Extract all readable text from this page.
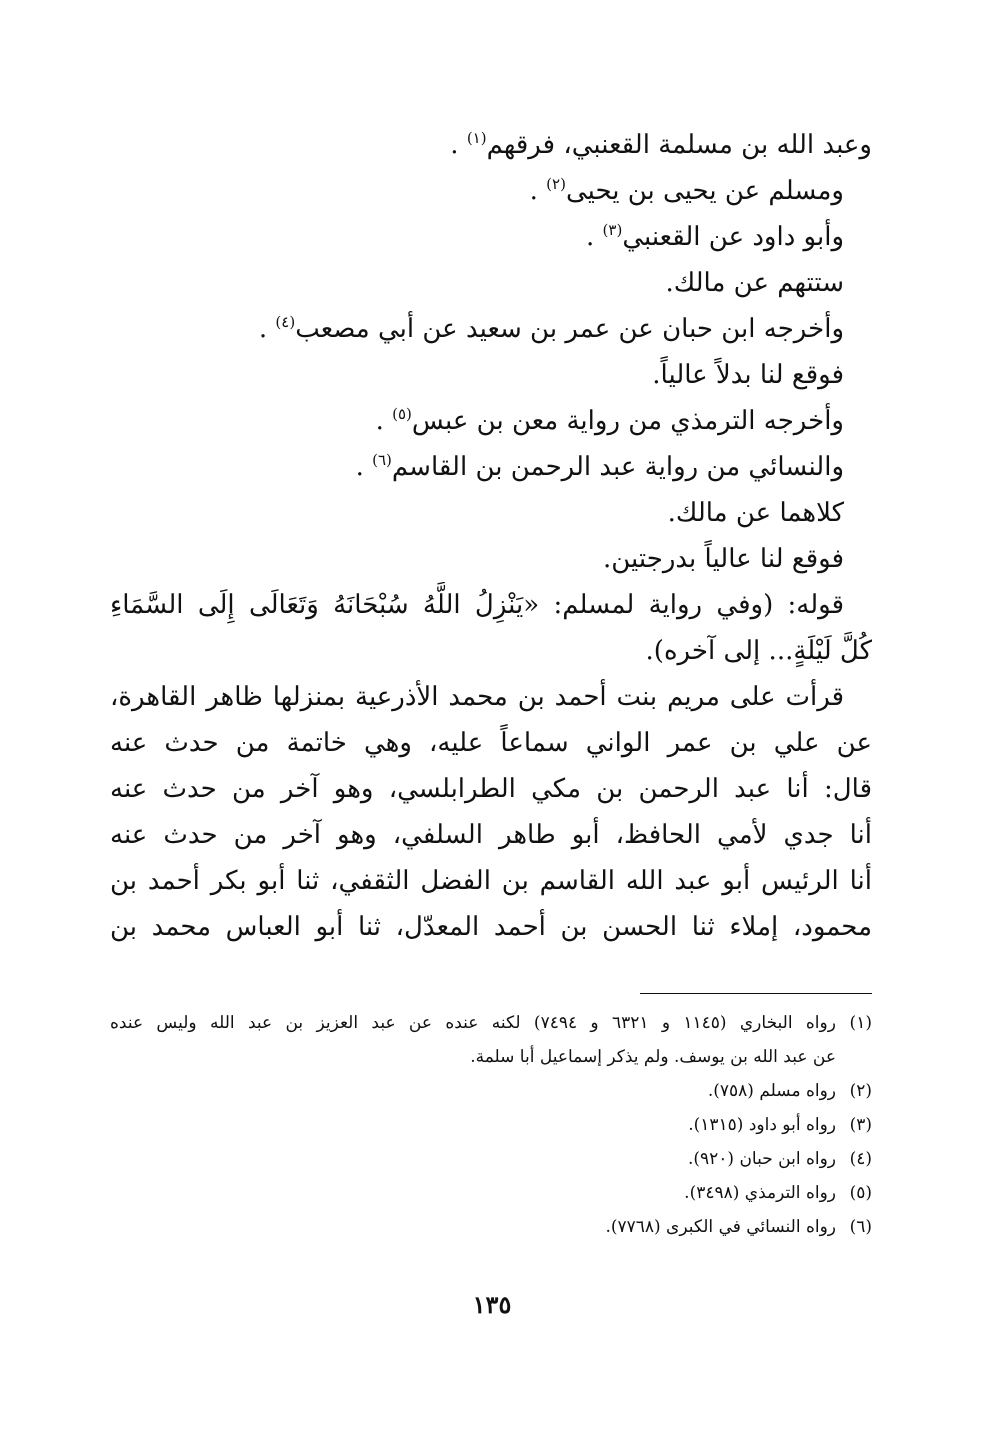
وعبد الله بن مسلمة القعنبي، فرقهم$^{(١)}$ .
ومسلم عن يحيى بن يحيى$^{(٢)}$ .
وأبو داود عن القعنبي$^{(٣)}$ .
ستتهم عن مالك.
وأخرجه ابن حبان عن عمر بن سعيد عن أبي مصعب$^{(٤)}$ .
فوقع لنا بدلاً عالياً.
وأخرجه الترمذي من رواية معن بن عبس$^{(٥)}$ .
والنسائي من رواية عبد الرحمن بن القاسم$^{(٦)}$ .
كلاهما عن مالك.
فوقع لنا عالياً بدرجتين.
قوله: (وفي رواية لمسلم: «يَنْزِلُ اللَّهُ سُبْحَانَهُ وَتَعَالَى إِلَى السَّمَاءِ
كُلَّ لَيْلَةٍ... إلى آخره).
قرأت على مريم بنت أحمد بن محمد الأذرعية بمنزلها ظاهر القاهرة،
عن علي بن عمر الواني سماعاً عليه، وهي خاتمة من حدث عنه
قال: أنا عبد الرحمن بن مكي الطرابلسي، وهو آخر من حدث عنه
أنا جدي لأمي الحافظ، أبو طاهر السلفي، وهو آخر من حدث عنه
أنا الرئيس أبو عبد الله القاسم بن الفضل الثقفي، ثنا أبو بكر أحمد بن
محمود، إملاء ثنا الحسن بن أحمد المعدّل، ثنا أبو العباس محمد بن
(١)رواه البخاري (١١٤٥ و ٦٣٢١ و ٧٤٩٤) لكنه عنده عن عبد العزيز بن عبد الله وليس عنده
عن عبد الله بن يوسف. ولم يذكر إسماعيل أبا سلمة.
(٢)رواه مسلم (٧٥٨).
(٣)رواه أبو داود (١٣١٥).
(٤)رواه ابن حبان (٩٢٠).
(٥)رواه الترمذي (٣٤٩٨).
(٦)رواه النسائي في الكبرى (٧٧٦٨).
١٣٥
